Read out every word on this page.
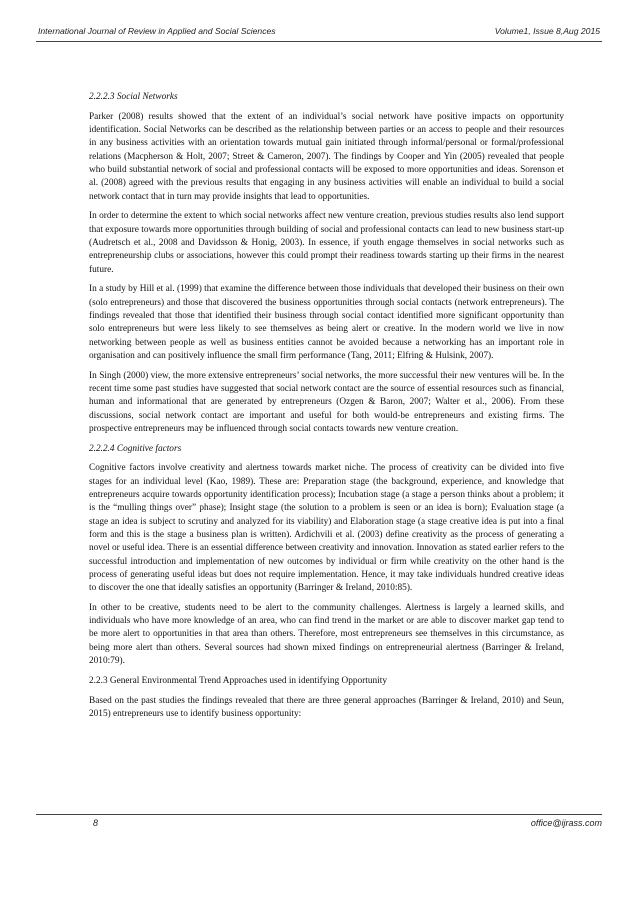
International Journal of Review in Applied and Social Sciences	Volume1, Issue 8,Aug 2015
2.2.2.3 Social Networks

Parker (2008) results showed that the extent of an individual’s social network have positive impacts on opportunity identification. Social Networks can be described as the relationship between parties or an access to people and their resources in any business activities with an orientation towards mutual gain initiated through informal/personal or formal/professional relations (Macpherson & Holt, 2007; Street & Cameron, 2007). The findings by Cooper and Yin (2005) revealed that people who build substantial network of social and professional contacts will be exposed to more opportunities and ideas. Sorenson et al. (2008) agreed with the previous results that engaging in any business activities will enable an individual to build a social network contact that in turn may provide insights that lead to opportunities.

In order to determine the extent to which social networks affect new venture creation, previous studies results also lend support that exposure towards more opportunities through building of social and professional contacts can lead to new business start-up (Audretsch et al., 2008 and Davidsson & Honig, 2003). In essence, if youth engage themselves in social networks such as entrepreneurship clubs or associations, however this could prompt their readiness towards starting up their firms in the nearest future.

In a study by Hill et al. (1999) that examine the difference between those individuals that developed their business on their own (solo entrepreneurs) and those that discovered the business opportunities through social contacts (network entrepreneurs). The findings revealed that those that identified their business through social contact identified more significant opportunity than solo entrepreneurs but were less likely to see themselves as being alert or creative. In the modern world we live in now networking between people as well as business entities cannot be avoided because a networking has an important role in organisation and can positively influence the small firm performance (Tang, 2011; Elfring & Hulsink, 2007).

In Singh (2000) view, the more extensive entrepreneurs’ social networks, the more successful their new ventures will be. In the recent time some past studies have suggested that social network contact are the source of essential resources such as financial, human and informational that are generated by entrepreneurs (Ozgen & Baron, 2007; Walter et al., 2006). From these discussions, social network contact are important and useful for both would-be entrepreneurs and existing firms. The prospective entrepreneurs may be influenced through social contacts towards new venture creation.

2.2.2.4 Cognitive factors

Cognitive factors involve creativity and alertness towards market niche. The process of creativity can be divided into five stages for an individual level (Kao, 1989). These are: Preparation stage (the background, experience, and knowledge that entrepreneurs acquire towards opportunity identification process); Incubation stage (a stage a person thinks about a problem; it is the “mulling things over” phase); Insight stage (the solution to a problem is seen or an idea is born); Evaluation stage (a stage an idea is subject to scrutiny and analyzed for its viability) and Elaboration stage (a stage creative idea is put into a final form and this is the stage a business plan is written). Ardichvili et al. (2003) define creativity as the process of generating a novel or useful idea. There is an essential difference between creativity and innovation. Innovation as stated earlier refers to the successful introduction and implementation of new outcomes by individual or firm while creativity on the other hand is the process of generating useful ideas but does not require implementation. Hence, it may take individuals hundred creative ideas to discover the one that ideally satisfies an opportunity (Barringer & Ireland, 2010:85).

In other to be creative, students need to be alert to the community challenges. Alertness is largely a learned skills, and individuals who have more knowledge of an area, who can find trend in the market or are able to discover market gap tend to be more alert to opportunities in that area than others. Therefore, most entrepreneurs see themselves in this circumstance, as being more alert than others. Several sources had shown mixed findings on entrepreneurial alertness (Barringer & Ireland, 2010:79).

2.2.3 General Environmental Trend Approaches used in identifying Opportunity

Based on the past studies the findings revealed that there are three general approaches (Barringer & Ireland, 2010) and Seun, 2015) entrepreneurs use to identify business opportunity:

8	office@ijrass.com
